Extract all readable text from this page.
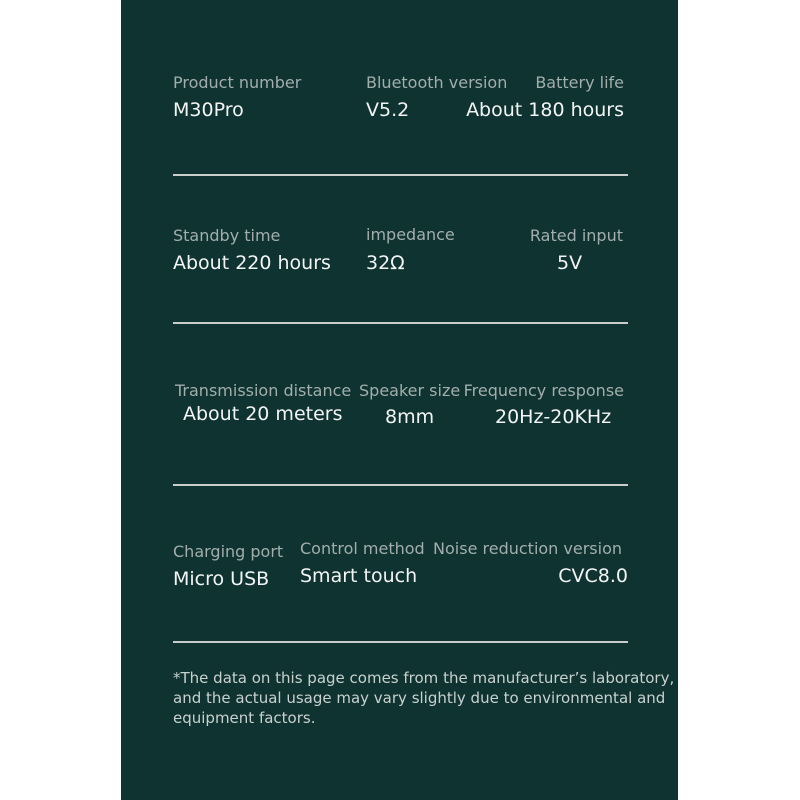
Product number
M30Pro
Bluetooth version
V5.2
Battery life
About 180 hours
Standby time
About 220 hours
impedance
32Ω
Rated input
5V
Transmission distance
About 20 meters
Speaker size
8mm
Frequency response
20Hz-20KHz
Charging port
Micro USB
Control method
Smart touch
Noise reduction version
CVC8.0
*The data on this page comes from the manufacturer’s laboratory,
and the actual usage may vary slightly due to environmental and
equipment factors.
